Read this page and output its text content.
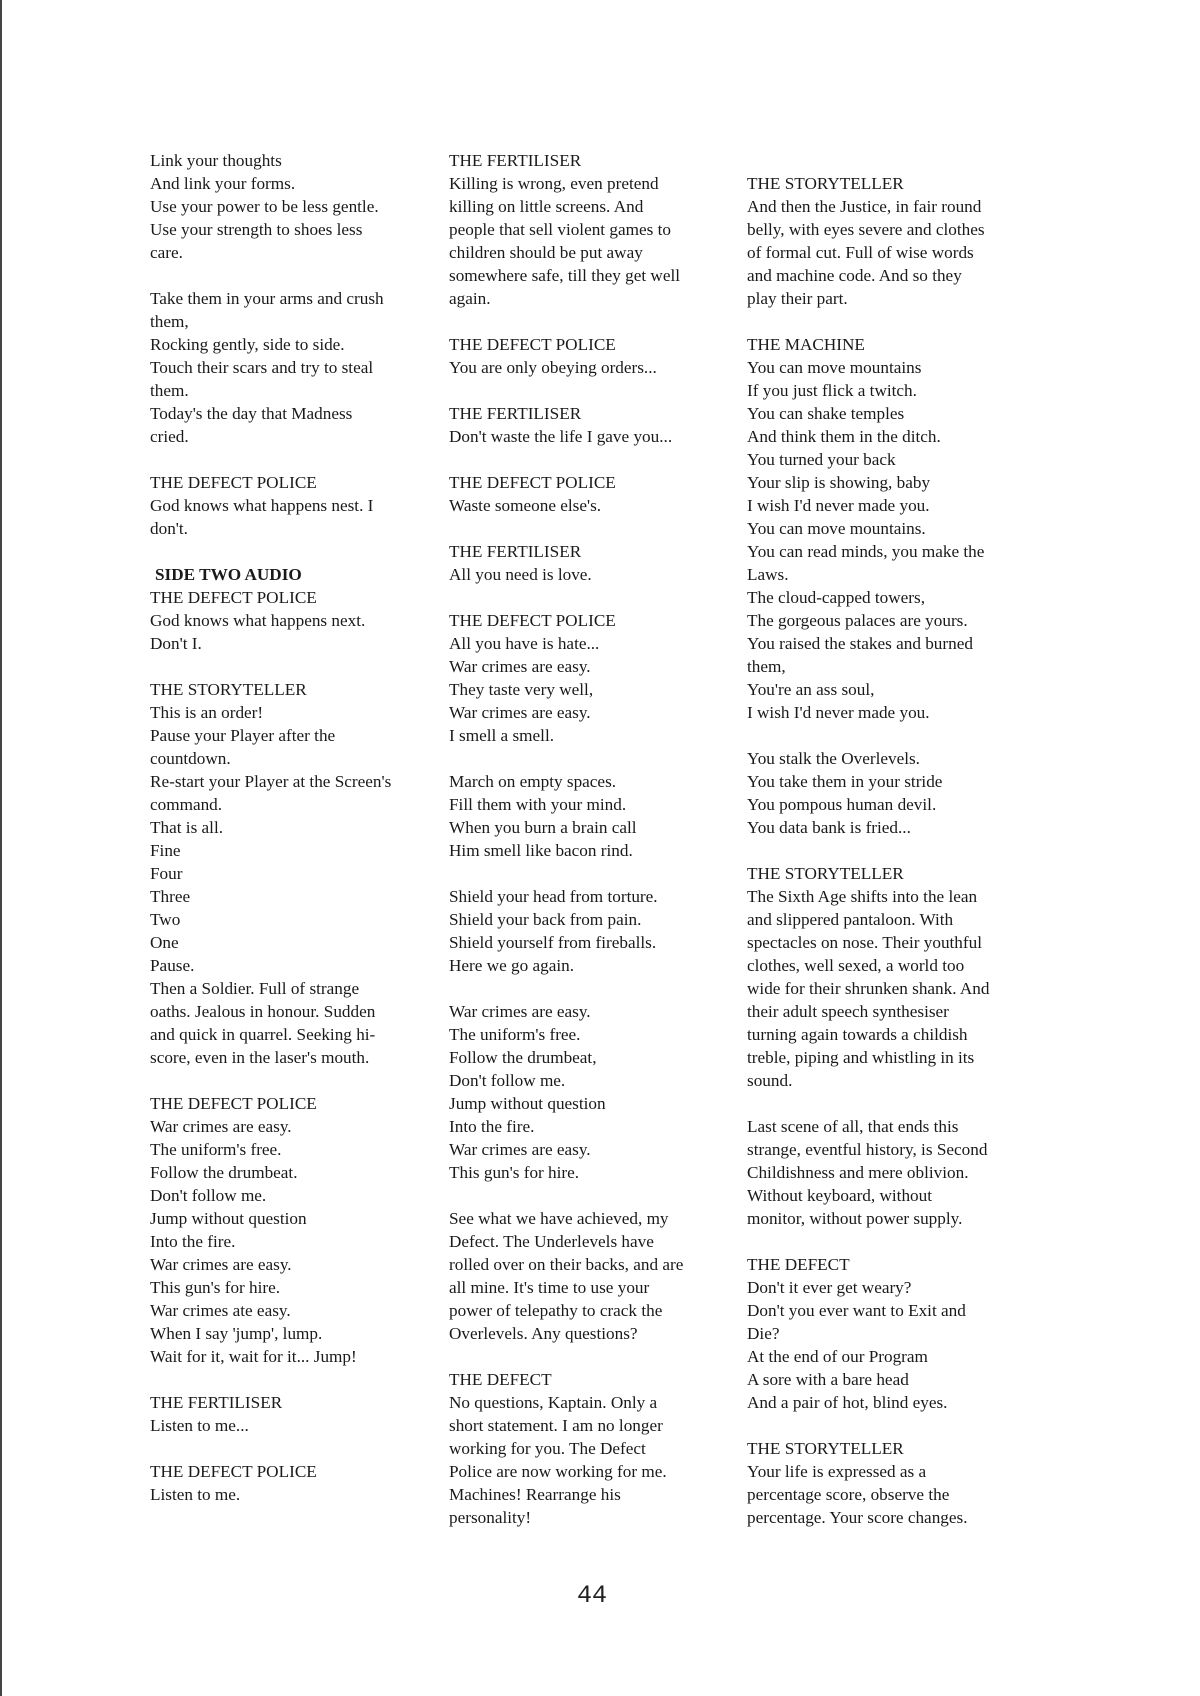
Link your thoughts
And link your forms.
Use your power to be less gentle.
Use your strength to shoes less
care.
Take them in your arms and crush
them,
Rocking gently, side to side.
Touch their scars and try to steal
them.
Today's the day that Madness
cried.
THE DEFECT POLICE
God knows what happens nest. I
don't.
SIDE TWO AUDIO
THE DEFECT POLICE
God knows what happens next.
Don't I.
THE STORYTELLER
This is an order!
Pause your Player after the
countdown.
Re-start your Player at the Screen's
command.
That is all.
Fine
Four
Three
Two
One
Pause.
Then a Soldier. Full of strange
oaths. Jealous in honour. Sudden
and quick in quarrel. Seeking hi-
score, even in the laser's mouth.
THE DEFECT POLICE
War crimes are easy.
The uniform's free.
Follow the drumbeat.
Don't follow me.
Jump without question
Into the fire.
War crimes are easy.
This gun's for hire.
War crimes ate easy.
When I say 'jump', lump.
Wait for it, wait for it... Jump!
THE FERTILISER
Listen to me...
THE DEFECT POLICE
Listen to me.
THE FERTILISER
Killing is wrong, even pretend
killing on little screens. And
people that sell violent games to
children should be put away
somewhere safe, till they get well
again.
THE DEFECT POLICE
You are only obeying orders...
THE FERTILISER
Don't waste the life I gave you...
THE DEFECT POLICE
Waste someone else's.
THE FERTILISER
All you need is love.
THE DEFECT POLICE
All you have is hate...
War crimes are easy.
They taste very well,
War crimes are easy.
I smell a smell.
March on empty spaces.
Fill them with your mind.
When you burn a brain call
Him smell like bacon rind.
Shield your head from torture.
Shield your back from pain.
Shield yourself from fireballs.
Here we go again.
War crimes are easy.
The uniform's free.
Follow the drumbeat,
Don't follow me.
Jump without question
Into the fire.
War crimes are easy.
This gun's for hire.
See what we have achieved, my
Defect. The Underlevels have
rolled over on their backs, and are
all mine. It's time to use your
power of telepathy to crack the
Overlevels. Any questions?
THE DEFECT
No questions, Kaptain. Only a
short statement. I am no longer
working for you. The Defect
Police are now working for me.
Machines! Rearrange his
personality!
THE STORYTELLER
And then the Justice, in fair round
belly, with eyes severe and clothes
of formal cut. Full of wise words
and machine code. And so they
play their part.
THE MACHINE
You can move mountains
If you just flick a twitch.
You can shake temples
And think them in the ditch.
You turned your back
Your slip is showing, baby
I wish I'd never made you.
You can move mountains.
You can read minds, you make the
Laws.
The cloud-capped towers,
The gorgeous palaces are yours.
You raised the stakes and burned
them,
You're an ass soul,
I wish I'd never made you.
You stalk the Overlevels.
You take them in your stride
You pompous human devil.
You data bank is fried...
THE STORYTELLER
The Sixth Age shifts into the lean
and slippered pantaloon. With
spectacles on nose. Their youthful
clothes, well sexed, a world too
wide for their shrunken shank. And
their adult speech synthesiser
turning again towards a childish
treble, piping and whistling in its
sound.
Last scene of all, that ends this
strange, eventful history, is Second
Childishness and mere oblivion.
Without keyboard, without
monitor, without power supply.
THE DEFECT
Don't it ever get weary?
Don't you ever want to Exit and
Die?
At the end of our Program
A sore with a bare head
And a pair of hot, blind eyes.
THE STORYTELLER
Your life is expressed as a
percentage score, observe the
percentage. Your score changes.
44
